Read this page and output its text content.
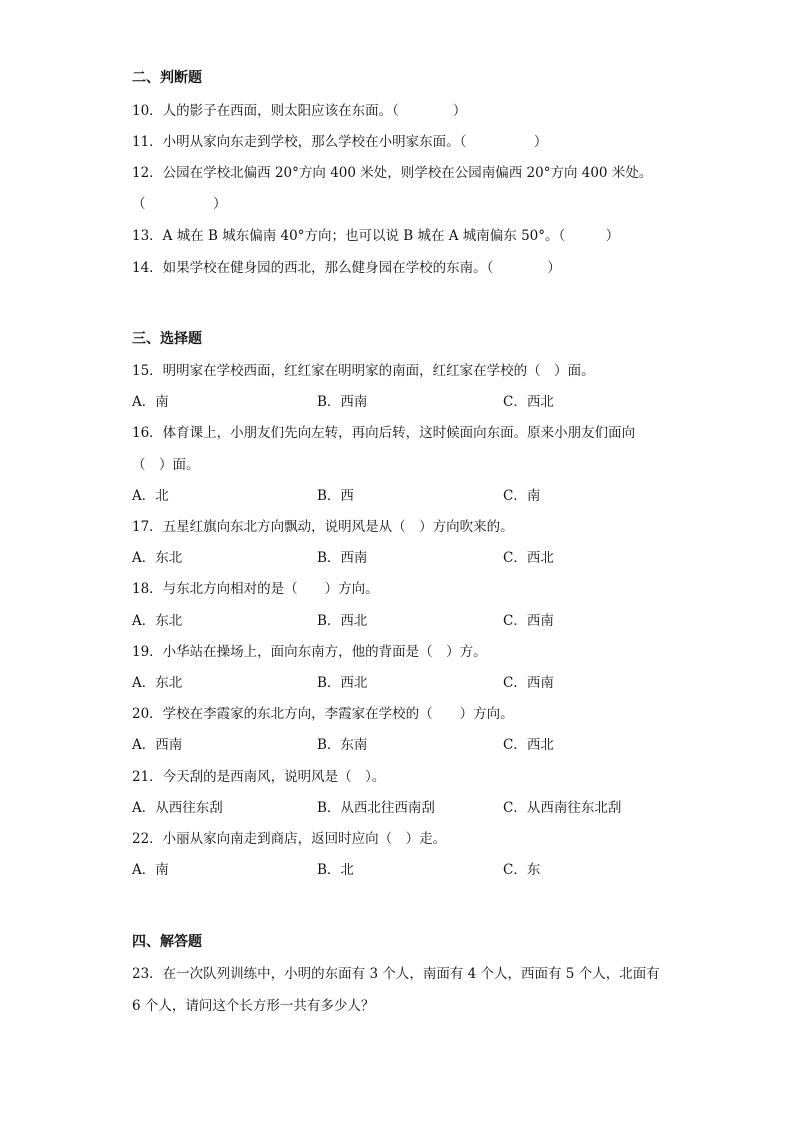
二、判断题
10．人的影子在西面，则太阳应该在东面。（　　　　）
11．小明从家向东走到学校，那么学校在小明家东面。（　　　　　）
12．公园在学校北偏西 20°方向 400 米处，则学校在公园南偏西 20°方向 400 米处。
（　　　　　）
13．A 城在 B 城东偏南 40°方向；也可以说 B 城在 A 城南偏东 50°。（　　　）
14．如果学校在健身园的西北，那么健身园在学校的东南。（　　　　）
三、选择题
15．明明家在学校西面，红红家在明明家的南面，红红家在学校的（　）面。
A．南	B．西南	C．西北
16．体育课上，小朋友们先向左转，再向后转，这时候面向东面。原来小朋友们面向
（　）面。
A．北	B．西	C．南
17．五星红旗向东北方向飘动，说明风是从（　）方向吹来的。
A．东北	B．西南	C．西北
18．与东北方向相对的是（　　）方向。
A．东北	B．西北	C．西南
19．小华站在操场上，面向东南方，他的背面是（　）方。
A．东北	B．西北	C．西南
20．学校在李霞家的东北方向，李霞家在学校的（　　）方向。
A．西南	B．东南	C．西北
21．今天刮的是西南风，说明风是（　）。
A．从西往东刮	B．从西北往西南刮	C．从西南往东北刮
22．小丽从家向南走到商店，返回时应向（　）走。
A．南	B．北	C．东
四、解答题
23．在一次队列训练中，小明的东面有 3 个人，南面有 4 个人，西面有 5 个人，北面有
6 个人，请问这个长方形一共有多少人？
